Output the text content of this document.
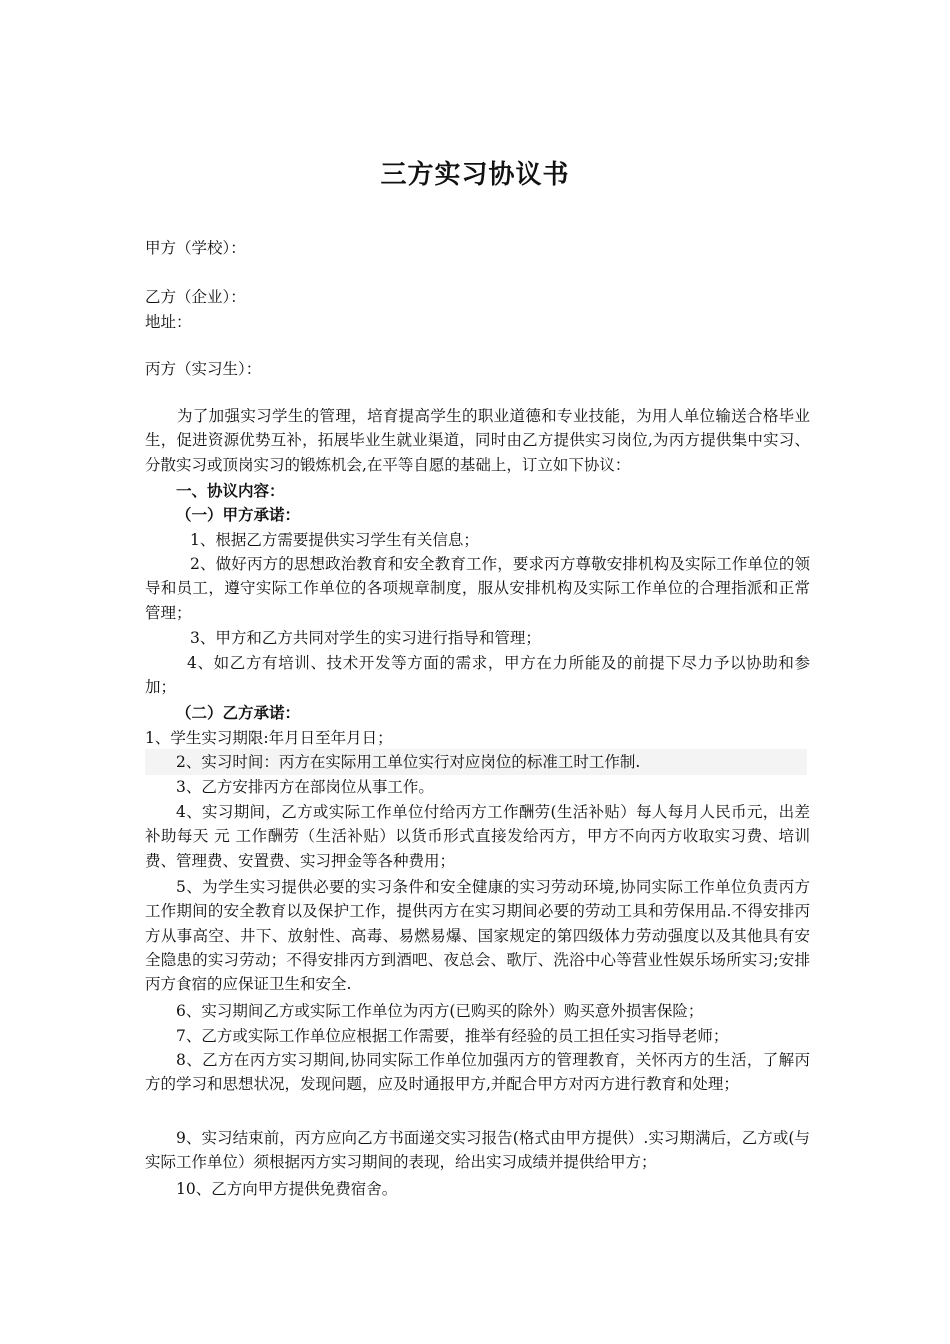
三方实习协议书
甲方（学校）：
乙方（企业）：
地址：
丙方（实习生）：
为了加强实习学生的管理，培育提高学生的职业道德和专业技能，为用人单位输送合格毕业生，促进资源优势互补，拓展毕业生就业渠道，同时由乙方提供实习岗位,为丙方提供集中实习、分散实习或顶岗实习的锻炼机会,在平等自愿的基础上，订立如下协议：
一、协议内容：
（一）甲方承诺：
1、根据乙方需要提供实习学生有关信息；
2、做好丙方的思想政治教育和安全教育工作，要求丙方尊敬安排机构及实际工作单位的领导和员工，遵守实际工作单位的各项规章制度，服从安排机构及实际工作单位的合理指派和正常管理；
3、甲方和乙方共同对学生的实习进行指导和管理；
4、如乙方有培训、技术开发等方面的需求，甲方在力所能及的前提下尽力予以协助和参加；
（二）乙方承诺：
1、学生实习期限:年月日至年月日；
2、实习时间：丙方在实际用工单位实行对应岗位的标准工时工作制.
3、乙方安排丙方在部岗位从事工作。
4、实习期间，乙方或实际工作单位付给丙方工作酬劳(生活补贴）每人每月人民币元，出差补助每天 元 工作酬劳（生活补贴）以货币形式直接发给丙方，甲方不向丙方收取实习费、培训费、管理费、安置费、实习押金等各种费用；
5、为学生实习提供必要的实习条件和安全健康的实习劳动环境,协同实际工作单位负责丙方工作期间的安全教育以及保护工作，提供丙方在实习期间必要的劳动工具和劳保用品.不得安排丙方从事高空、井下、放射性、高毒、易燃易爆、国家规定的第四级体力劳动强度以及其他具有安全隐患的实习劳动；不得安排丙方到酒吧、夜总会、歌厅、洗浴中心等营业性娱乐场所实习;安排丙方食宿的应保证卫生和安全.
6、实习期间乙方或实际工作单位为丙方(已购买的除外）购买意外损害保险；
7、乙方或实际工作单位应根据工作需要，推举有经验的员工担任实习指导老师；
8、乙方在丙方实习期间,协同实际工作单位加强丙方的管理教育，关怀丙方的生活，了解丙方的学习和思想状况，发现问题，应及时通报甲方,并配合甲方对丙方进行教育和处理；
9、实习结束前，丙方应向乙方书面递交实习报告(格式由甲方提供）.实习期满后，乙方或(与实际工作单位）须根据丙方实习期间的表现，给出实习成绩并提供给甲方；
10、乙方向甲方提供免费宿舍。
